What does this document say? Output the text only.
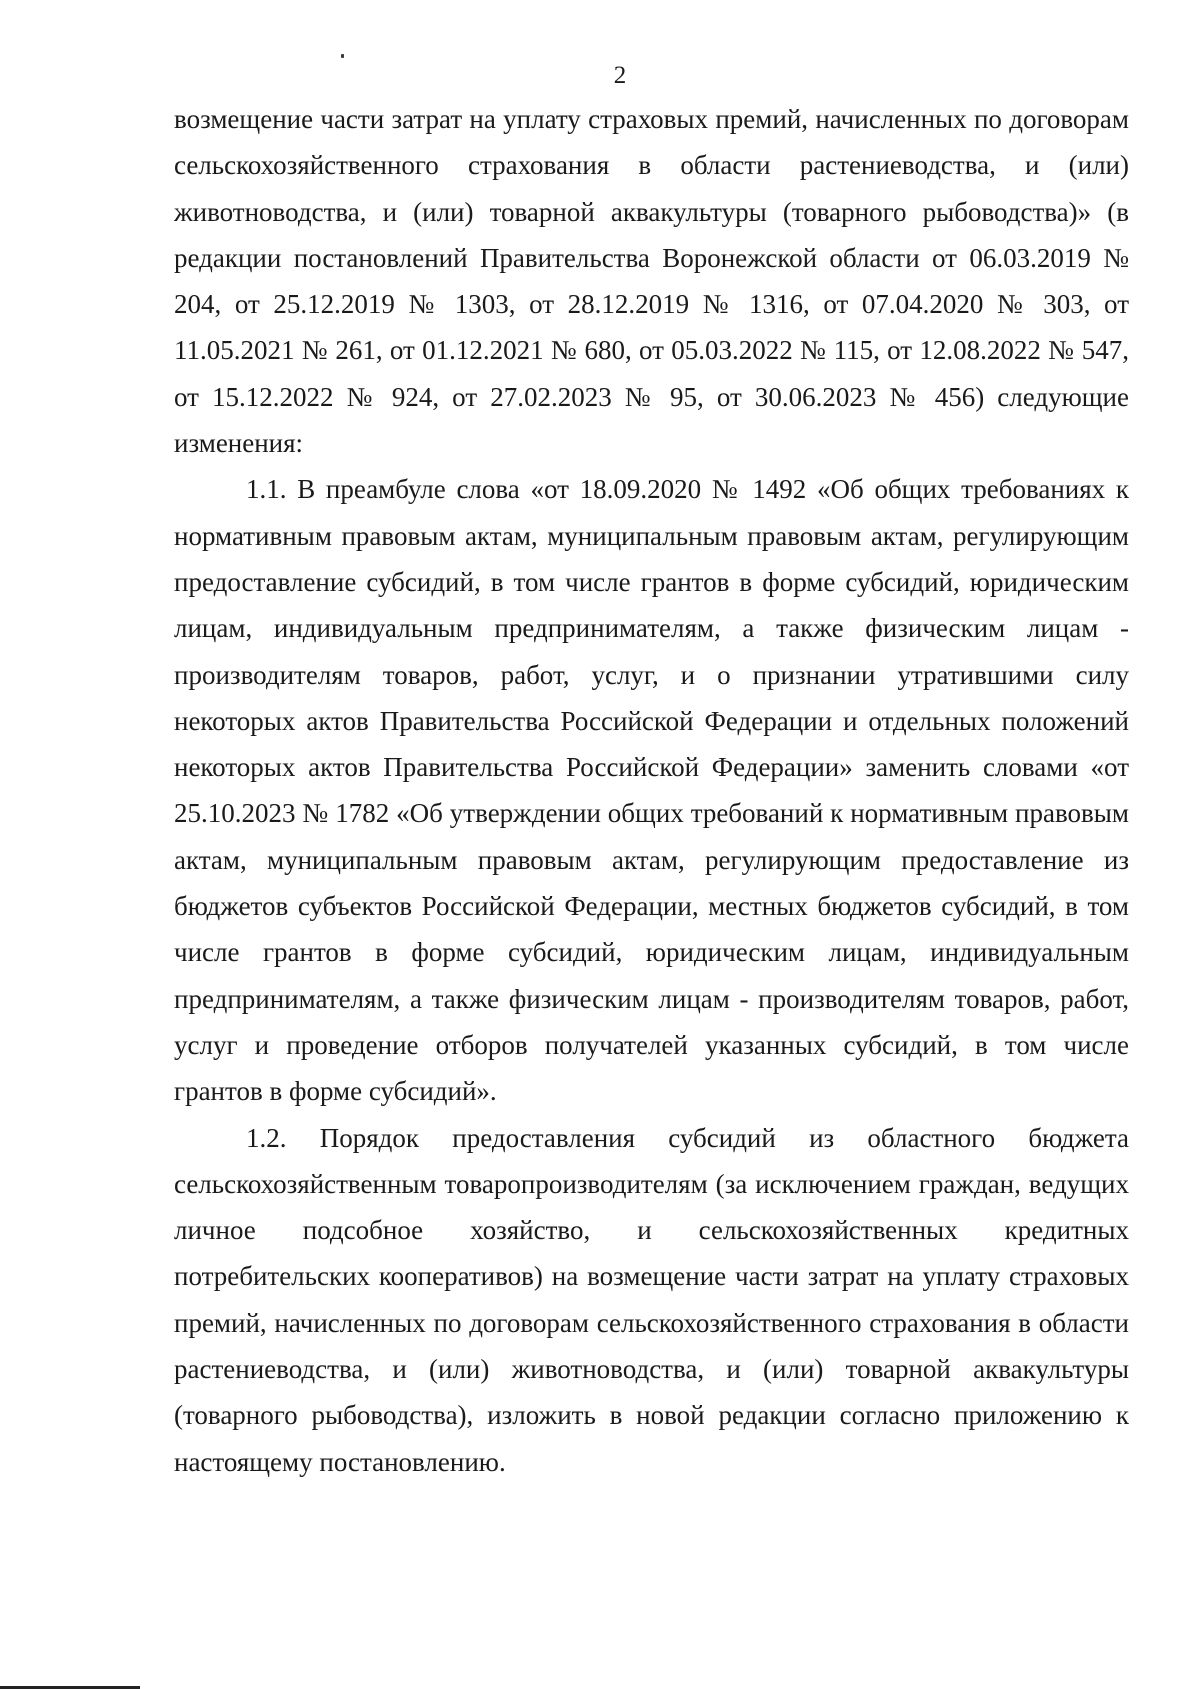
2

возмещение части затрат на уплату страховых премий, начисленных по договорам сельскохозяйственного страхования в области растениеводства, и (или) животноводства, и (или) товарной аквакультуры (товарного рыбоводства)» (в редакции постановлений Правительства Воронежской области от 06.03.2019 № 204, от 25.12.2019 № 1303, от 28.12.2019 № 1316, от 07.04.2020 № 303, от 11.05.2021 № 261, от 01.12.2021 № 680, от 05.03.2022 № 115, от 12.08.2022 № 547, от 15.12.2022 № 924, от 27.02.2023 № 95, от 30.06.2023 № 456) следующие изменения:

1.1. В преамбуле слова «от 18.09.2020 № 1492 «Об общих требованиях к нормативным правовым актам, муниципальным правовым актам, регулирующим предоставление субсидий, в том числе грантов в форме субсидий, юридическим лицам, индивидуальным предпринимателям, а также физическим лицам - производителям товаров, работ, услуг, и о признании утратившими силу некоторых актов Правительства Российской Федерации и отдельных положений некоторых актов Правительства Российской Федерации» заменить словами «от 25.10.2023 № 1782 «Об утверждении общих требований к нормативным правовым актам, муниципальным правовым актам, регулирующим предоставление из бюджетов субъектов Российской Федерации, местных бюджетов субсидий, в том числе грантов в форме субсидий, юридическим лицам, индивидуальным предпринимателям, а также физическим лицам - производителям товаров, работ, услуг и проведение отборов получателей указанных субсидий, в том числе грантов в форме субсидий».

1.2. Порядок предоставления субсидий из областного бюджета сельскохозяйственным товаропроизводителям (за исключением граждан, ведущих личное подсобное хозяйство, и сельскохозяйственных кредитных потребительских кооперативов) на возмещение части затрат на уплату страховых премий, начисленных по договорам сельскохозяйственного страхования в области растениеводства, и (или) животноводства, и (или) товарной аквакультуры (товарного рыбоводства), изложить в новой редакции согласно приложению к настоящему постановлению.
